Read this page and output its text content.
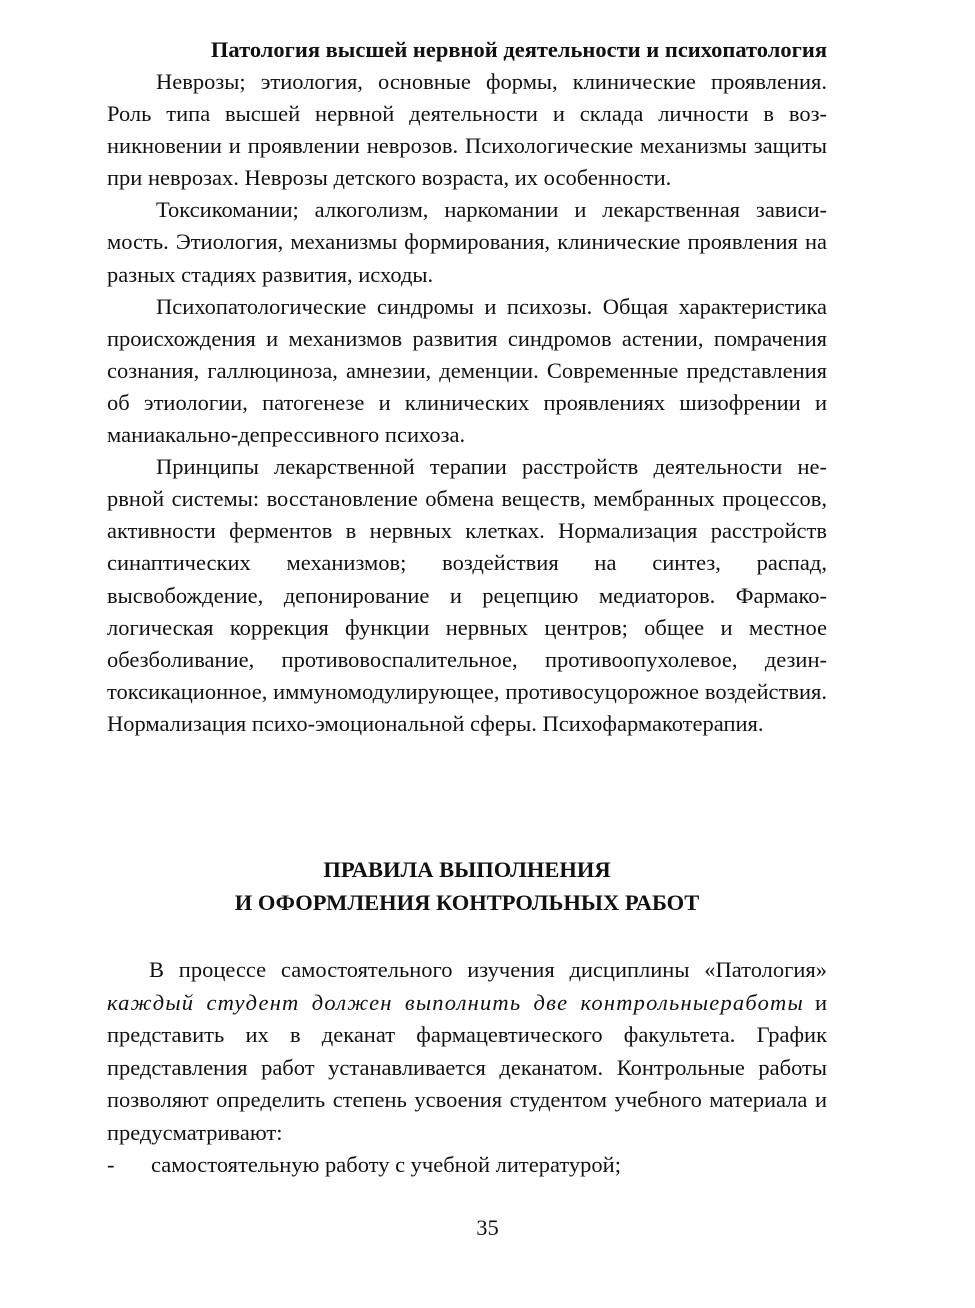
Патология высшей нервной деятельности и психопатология

Неврозы; этиология, основные формы, клинические проявления. Роль типа высшей нервной деятельности и склада личности в возникновении и проявлении неврозов. Психологические механизмы защиты при неврозах. Неврозы детского возраста, их особенности.

Токсикомании; алкоголизм, наркомании и лекарственная зависимость. Этиология, механизмы формирования, клинические проявления на разных стадиях развития, исходы.

Психопатологические синдромы и психозы. Общая характеристика происхождения и механизмов развития синдромов астении, помрачения сознания, галлюциноза, амнезии, деменции. Современные представления об этиологии, патогенезе и клинических проявлениях шизофрении и маниакально-депрессивного психоза.

Принципы лекарственной терапии расстройств деятельности нервной системы: восстановление обмена веществ, мембранных процессов, активности ферментов в нервных клетках. Нормализация расстройств синаптических механизмов; воздействия на синтез, распад, высвобождение, депонирование и рецепцию медиаторов. Фармакологическая коррекция функции нервных центров; общее и местное обезболивание, противовоспалительное, противоопухолевое, дезинтоксикационное, иммуномодулирующее, противосуцорожное воздействия. Нормализация психо-эмоциональной сферы. Психофармакотерапия.

ПРАВИЛА ВЫПОЛНЕНИЯ
И ОФОРМЛЕНИЯ КОНТРОЛЬНЫХ РАБОТ

В процессе самостоятельного изучения дисциплины «Патология» каждый студент должен выполнить две контрольныеработы и представить их в деканат фармацевтического факультета. График представления работ устанавливается деканатом. Контрольные работы позволяют определить степень усвоения студентом учебного материала и предусматривают:

- самостоятельную работу с учебной литературой;

35
